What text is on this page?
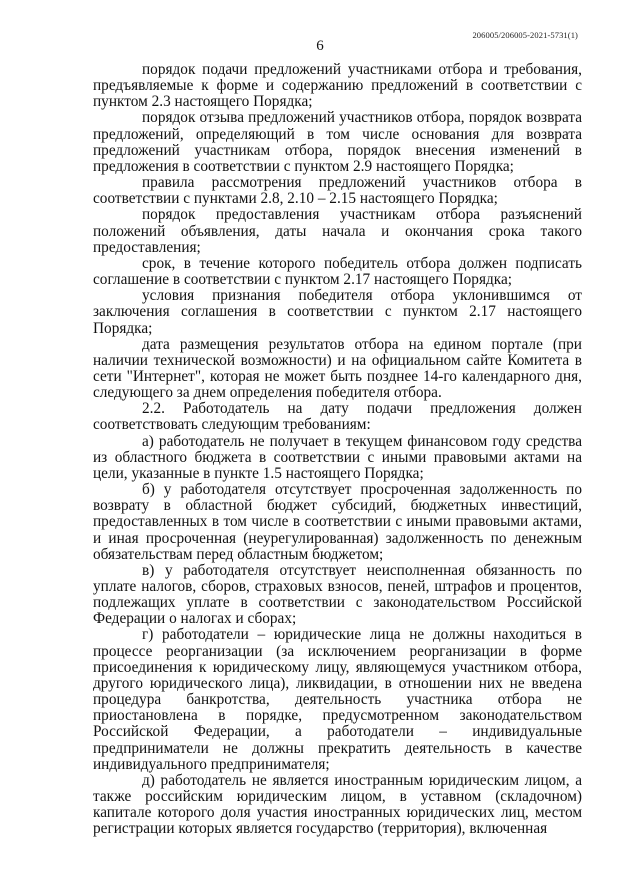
206005/206005-2021-5731(1)
6

порядок подачи предложений участниками отбора и требования, предъявляемые к форме и содержанию предложений в соответствии с пунктом 2.3 настоящего Порядка;

порядок отзыва предложений участников отбора, порядок возврата предложений, определяющий в том числе основания для возврата предложений участникам отбора, порядок внесения изменений в предложения в соответствии с пунктом 2.9 настоящего Порядка;

правила рассмотрения предложений участников отбора в соответствии с пунктами 2.8, 2.10 – 2.15 настоящего Порядка;

порядок предоставления участникам отбора разъяснений положений объявления, даты начала и окончания срока такого предоставления;

срок, в течение которого победитель отбора должен подписать соглашение в соответствии с пунктом 2.17 настоящего Порядка;

условия признания победителя отбора уклонившимся от заключения соглашения в соответствии с пунктом 2.17 настоящего Порядка;

дата размещения результатов отбора на едином портале (при наличии технической возможности) и на официальном сайте Комитета в сети "Интернет", которая не может быть позднее 14-го календарного дня, следующего за днем определения победителя отбора.

2.2. Работодатель на дату подачи предложения должен соответствовать следующим требованиям:

а) работодатель не получает в текущем финансовом году средства из областного бюджета в соответствии с иными правовыми актами на цели, указанные в пункте 1.5 настоящего Порядка;

б) у работодателя отсутствует просроченная задолженность по возврату в областной бюджет субсидий, бюджетных инвестиций, предоставленных в том числе в соответствии с иными правовыми актами, и иная просроченная (неурегулированная) задолженность по денежным обязательствам перед областным бюджетом;

в) у работодателя отсутствует неисполненная обязанность по уплате налогов, сборов, страховых взносов, пеней, штрафов и процентов, подлежащих уплате в соответствии с законодательством Российской Федерации о налогах и сборах;

г) работодатели – юридические лица не должны находиться в процессе реорганизации (за исключением реорганизации в форме присоединения к юридическому лицу, являющемуся участником отбора, другого юридического лица), ликвидации, в отношении них не введена процедура банкротства, деятельность участника отбора не приостановлена в порядке, предусмотренном законодательством Российской Федерации, а работодатели – индивидуальные предприниматели не должны прекратить деятельность в качестве индивидуального предпринимателя;

д) работодатель не является иностранным юридическим лицом, а также российским юридическим лицом, в уставном (складочном) капитале которого доля участия иностранных юридических лиц, местом регистрации которых является государство (территория), включенная
